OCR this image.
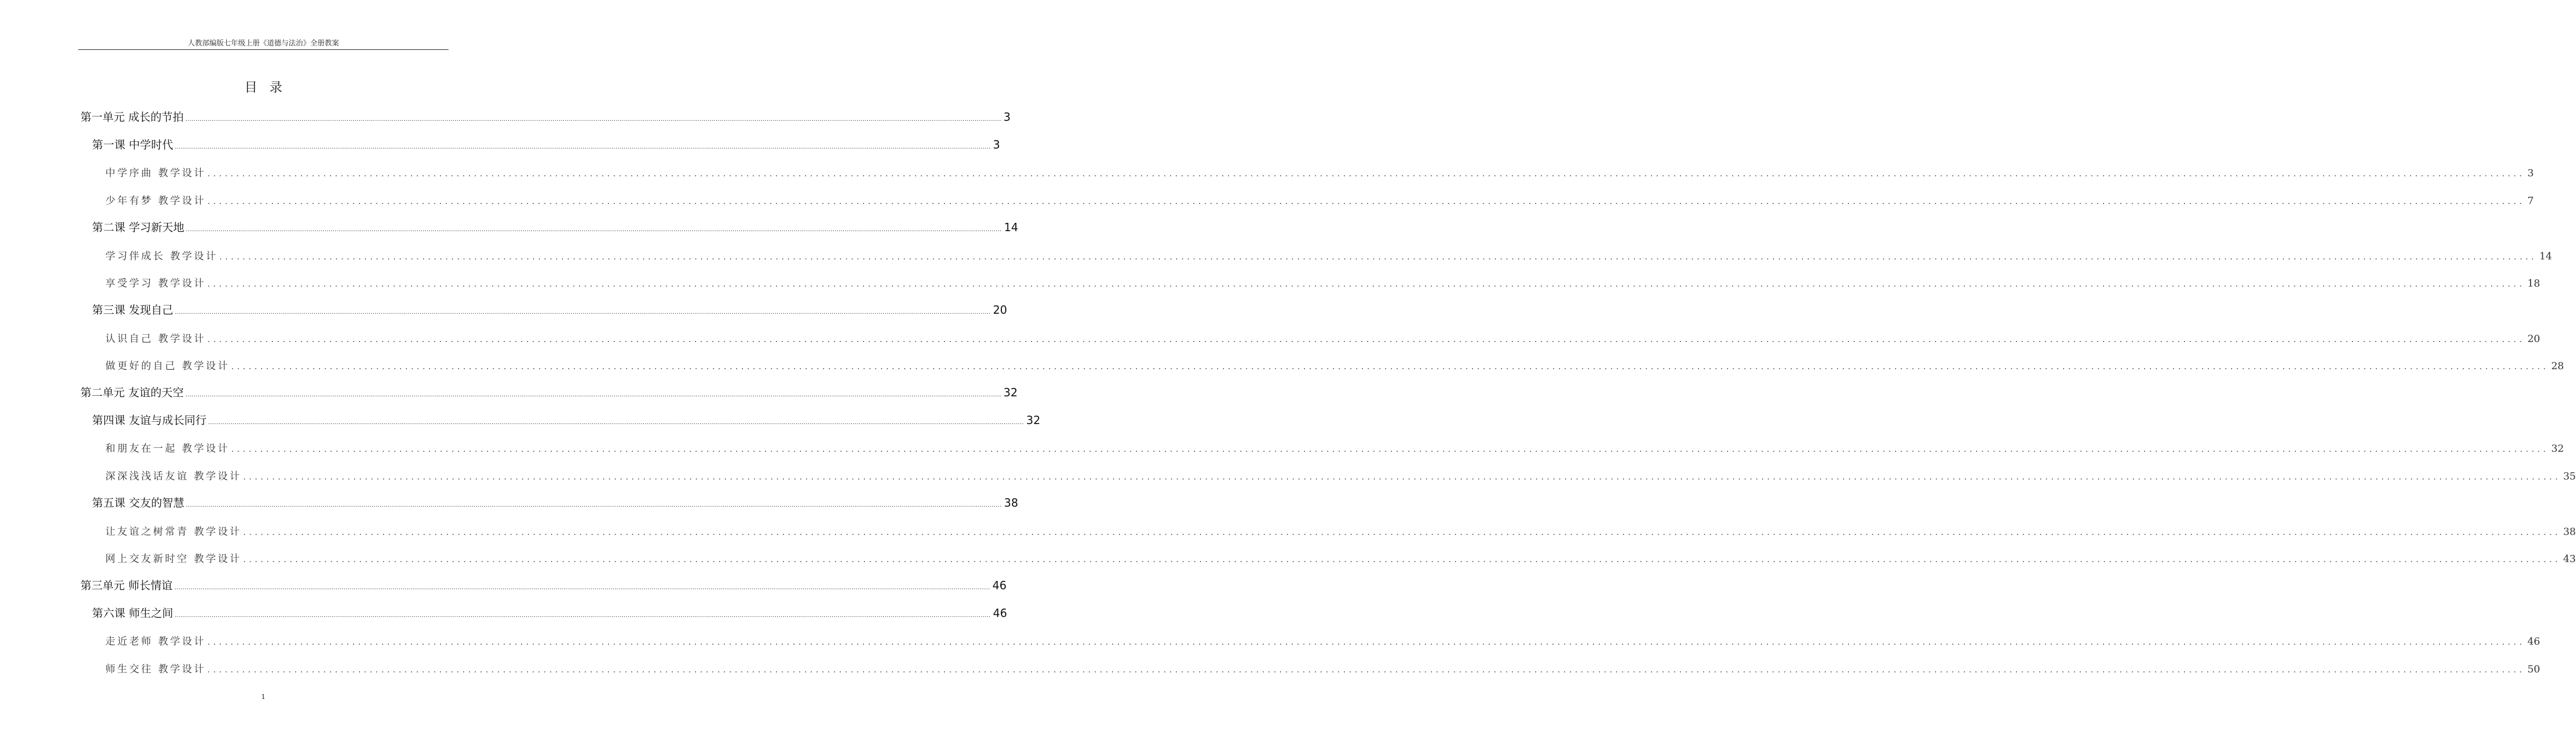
人教部编版七年级上册《道德与法治》全册教案
目录
第一单元 成长的节拍 ................................................................................................................................................................................................................................................................................................................................................................................................................ 3
第一课 中学时代 ................................................................................................................................................................................................................................................................................................................................................................................................................ 3
中学序曲 教学设计 ................................................................................................................................................................................................................................................................................................................................................................................................................ 3
少年有梦 教学设计 ................................................................................................................................................................................................................................................................................................................................................................................................................ 7
第二课 学习新天地 ................................................................................................................................................................................................................................................................................................................................................................................................................ 14
学习伴成长 教学设计 ................................................................................................................................................................................................................................................................................................................................................................................................................ 14
享受学习 教学设计 ................................................................................................................................................................................................................................................................................................................................................................................................................ 18
第三课 发现自己 ................................................................................................................................................................................................................................................................................................................................................................................................................ 20
认识自己 教学设计 ................................................................................................................................................................................................................................................................................................................................................................................................................ 20
做更好的自己 教学设计 ................................................................................................................................................................................................................................................................................................................................................................................................................ 28
第二单元 友谊的天空 ................................................................................................................................................................................................................................................................................................................................................................................................................ 32
第四课 友谊与成长同行 ................................................................................................................................................................................................................................................................................................................................................................................................................ 32
和朋友在一起 教学设计 ................................................................................................................................................................................................................................................................................................................................................................................................................ 32
深深浅浅话友谊 教学设计 ................................................................................................................................................................................................................................................................................................................................................................................................................ 35
第五课 交友的智慧 ................................................................................................................................................................................................................................................................................................................................................................................................................ 38
让友谊之树常青 教学设计 ................................................................................................................................................................................................................................................................................................................................................................................................................ 38
网上交友新时空 教学设计 ................................................................................................................................................................................................................................................................................................................................................................................................................ 43
第三单元 师长情谊 ................................................................................................................................................................................................................................................................................................................................................................................................................ 46
第六课 师生之间 ................................................................................................................................................................................................................................................................................................................................................................................................................ 46
走近老师 教学设计 ................................................................................................................................................................................................................................................................................................................................................................................................................ 46
师生交往 教学设计 ................................................................................................................................................................................................................................................................................................................................................................................................................ 50
1
